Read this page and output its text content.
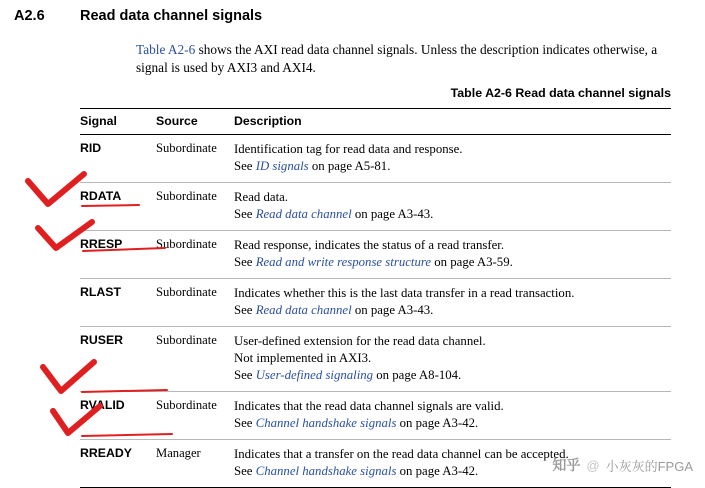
A2.6 Read data channel signals
Table A2-6 shows the AXI read data channel signals. Unless the description indicates otherwise, a signal is used by AXI3 and AXI4.
Table A2-6 Read data channel signals
Signal	Source	Description
RID	Subordinate	Identification tag for read data and response.
See ID signals on page A5-81.

RDATA	Subordinate	Read data.
See Read data channel on page A3-43.

RRESP	Subordinate	Read response, indicates the status of a read transfer.
See Read and write response structure on page A3-59.

RLAST	Subordinate	Indicates whether this is the last data transfer in a read transaction.
See Read data channel on page A3-43.

RUSER	Subordinate	User-defined extension for the read data channel.
Not implemented in AXI3.
See User-defined signaling on page A8-104.

RVALID	Subordinate	Indicates that the read data channel signals are valid.
See Channel handshake signals on page A3-42.

RREADY	Manager	Indicates that a transfer on the read data channel can be accepted.
See Channel handshake signals on page A3-42.	知乎 @ 小灰灰的FPGA
